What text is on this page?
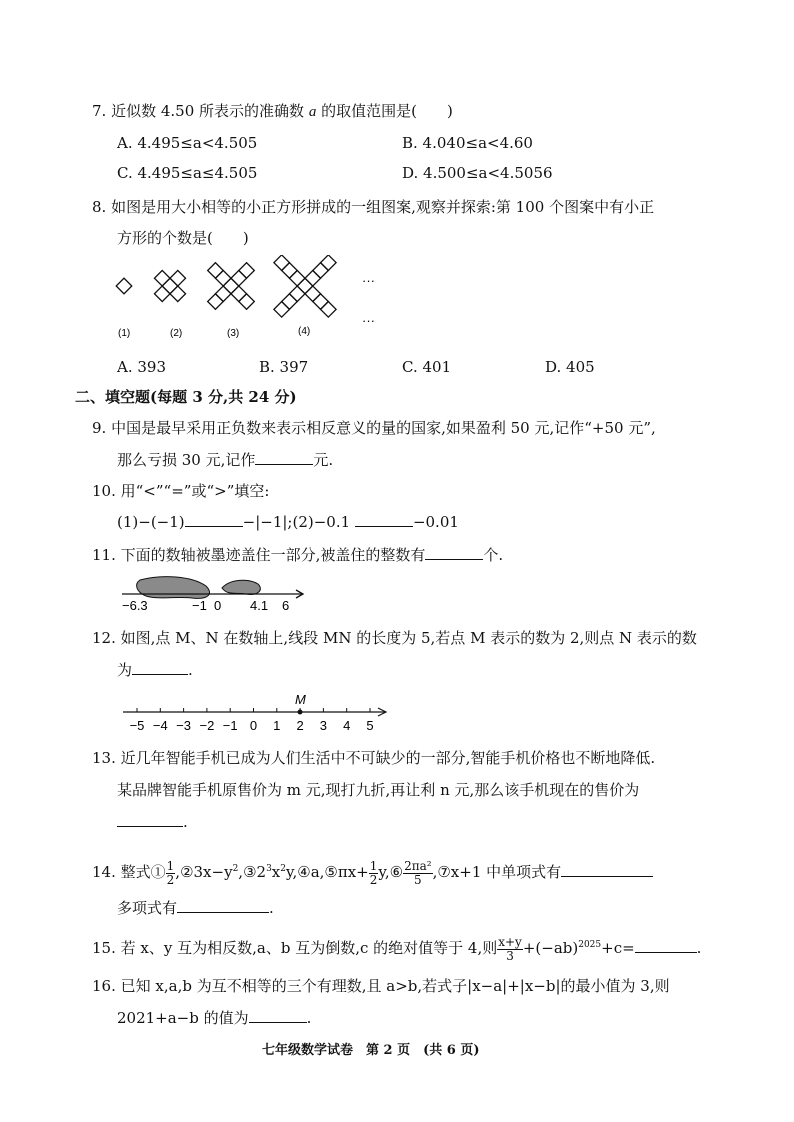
7. 近似数 4.50 所表示的准确数 a 的取值范围是(　　)
A. 4.495≤a<4.505	B. 4.040≤a<4.60
C. 4.495≤a≤4.505	D. 4.500≤a<4.5056
8. 如图是用大小相等的小正方形拼成的一组图案,观察并探索:第 100 个图案中有小正
方形的个数是(　　)
(1)	(2)	(3)	(4)
···
···
A. 393	B. 397	C. 401	D. 405
二、填空题(每题 3 分,共 24 分)
9. 中国是最早采用正负数来表示相反意义的量的国家,如果盈利 50 元,记作“+50 元”,
那么亏损 30 元,记作	元.
10. 用“<”“=”或“>”填空:
(1)−(−1)	−|−1|;(2)−0.1	−0.01
11. 下面的数轴被墨迹盖住一部分,被盖住的整数有	个.
−6.3	−1 0 4.1 6
12. 如图,点 M、N 在数轴上,线段 MN 的长度为 5,若点 M 表示的数为 2,则点 N 表示的数
为	.
−5 −4 −3 −2 −1 0 1 2 3 4 5
M
13. 近几年智能手机已成为人们生活中不可缺少的一部分,智能手机价格也不断地降低.
某品牌智能手机原售价为 m 元,现打九折,再让利 n 元,那么该手机现在的售价为
.
14. 整式① $\frac{1}{2}$ $,②3x-y^2,③2^3x^2y,④a,⑤\pi x+ \frac{1}{2}$ y,⑥ $\frac{\text{2πa²}}{5}$ ,⑦x+1 中单项式有
多项式有	.
15. 若 x、y 互为相反数,a、b 互为倒数,c 的绝对值等于 4,则 $\frac{x+y}{3} +(-ab)^{2025}+c=$	.
16. 已知 x,a,b 为互不相等的三个有理数,且 a>b,若式子|x−a|+|x−b|的最小值为 3,则
2021+a−b 的值为	.
七年级数学试卷　第 2 页　(共 6 页)
